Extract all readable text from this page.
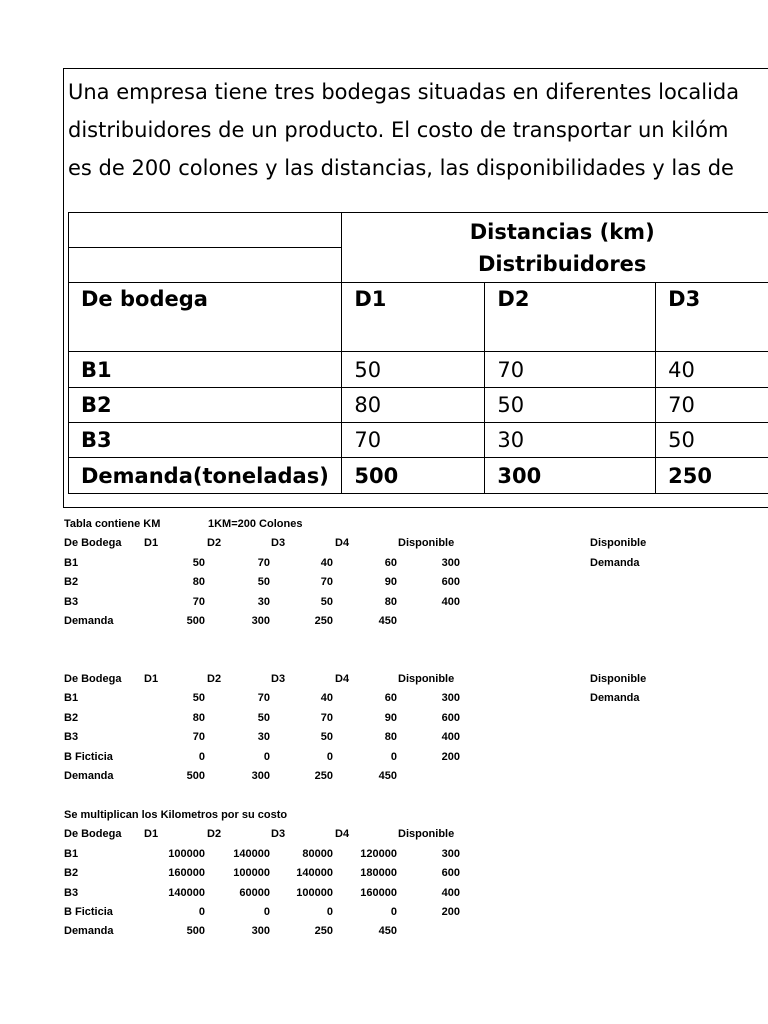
Una empresa tiene tres bodegas situadas en diferentes localida
distribuidores de un producto. El costo de transportar un kilóm
es de 200 colones y las distancias, las disponibilidades y las de

	Distancias (km)
Distribuidores		

De bodega	D1	D2	D3
B1	50	70	40
B2	80	50	70
B3	70	30	50
Demanda(toneladas)	500	300	250
Tabla contiene KM	1KM=200 Colones
De Bodega D1	D2	D3	D4	Disponible	Disponible
B1	50	70	40	60	300	Demanda
B2	80	50	70	90	600
B3	70	30	50	80	400
Demanda	500	300	250	450
De Bodega D1	D2	D3	D4	Disponible	Disponible
B1	50	70	40	60	300	Demanda
B2	80	50	70	90	600
B3	70	30	50	80	400
B Ficticia	0	0	0	0	200
Demanda	500	300	250	450
Se multiplican los Kilometros por su costo
De Bodega D1	D2	D3	D4	Disponible
B1	100000	140000	80000 120000	300
B2	160000	100000 140000 180000	600
B3	140000	60000 100000 160000	400
B Ficticia	0	0	0	0	200
Demanda	500	300	250	450
